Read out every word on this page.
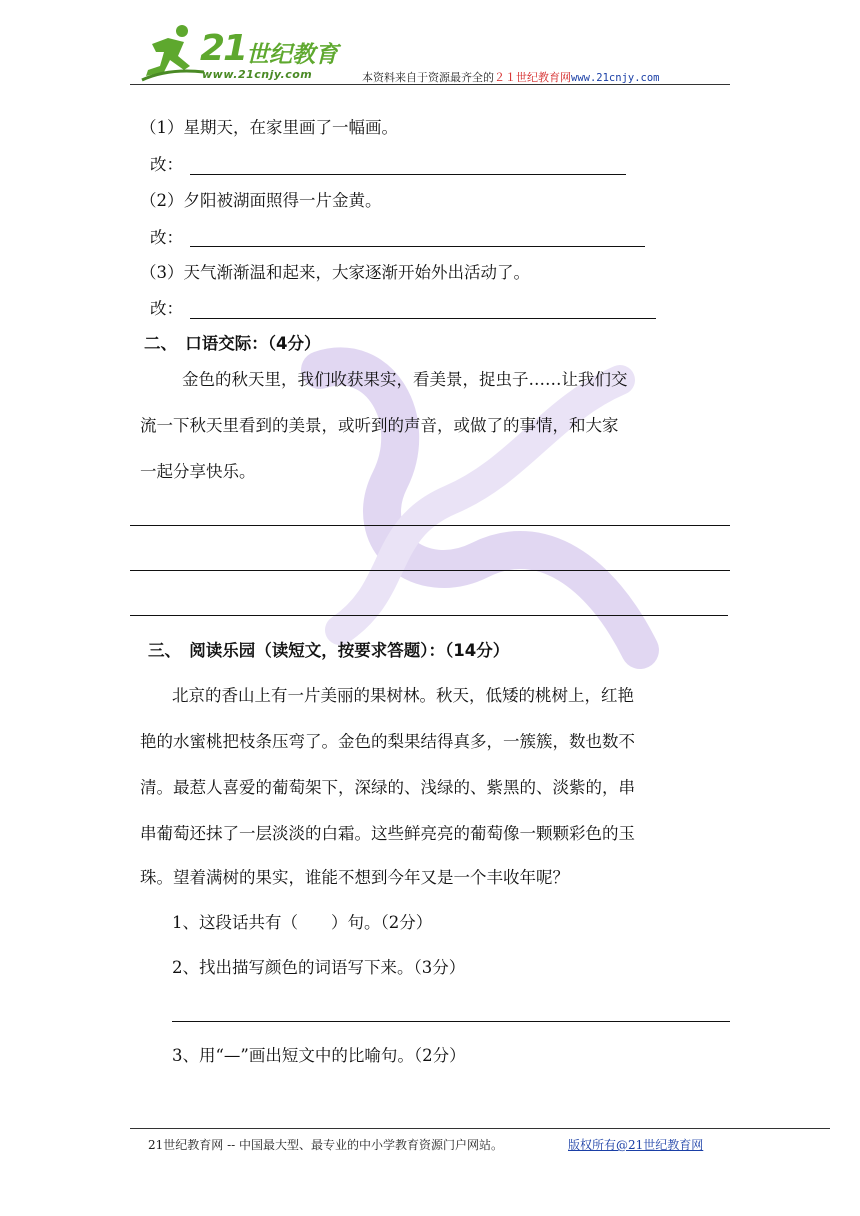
21 世纪教育
www.21cnjy.com	本资料来自于资源最齐全的２１世纪教育网www.21cnjy.com
（1）星期天，在家里画了一幅画。
改：
（2）夕阳被湖面照得一片金黄。
改：
（3）天气渐渐温和起来，大家逐渐开始外出活动了。
改：
二、　口语交际：（4分）
金色的秋天里，我们收获果实，看美景，捉虫子……让我们交
流一下秋天里看到的美景，或听到的声音，或做了的事情，和大家
一起分享快乐。
三、　阅读乐园（读短文，按要求答题）：（14分）
北京的香山上有一片美丽的果树林。秋天，低矮的桃树上，红艳
艳的水蜜桃把枝条压弯了。金色的梨果结得真多，一簇簇，数也数不
清。最惹人喜爱的葡萄架下，深绿的、浅绿的、紫黑的、淡紫的，串
串葡萄还抹了一层淡淡的白霜。这些鲜亮亮的葡萄像一颗颗彩色的玉
珠。望着满树的果实，谁能不想到今年又是一个丰收年呢？
1、这段话共有（　　）句。（2分）
2、找出描写颜色的词语写下来。（3分）
3、用“—”画出短文中的比喻句。（2分）
21世纪教育网 -- 中国最大型、最专业的中小学教育资源门户网站。	版权所有@21世纪教育网
